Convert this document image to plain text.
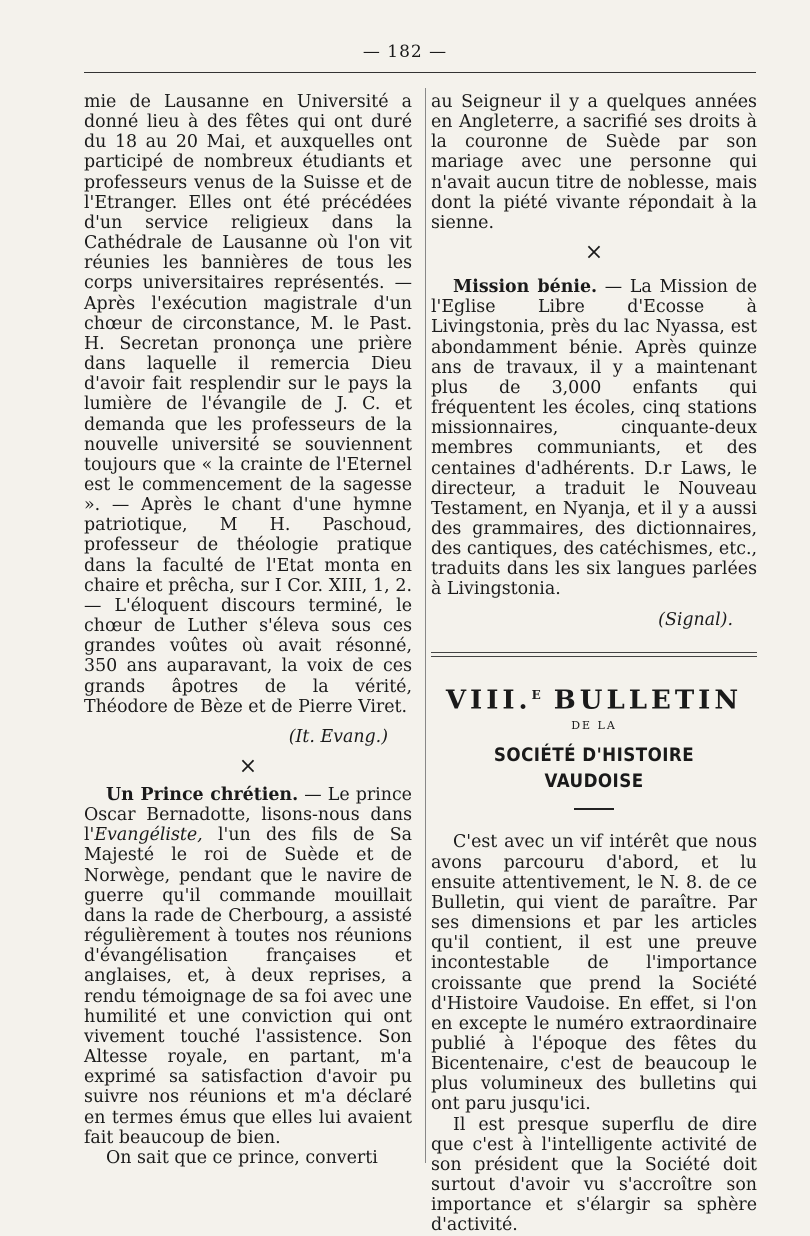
— 182 —

mie de Lausanne en Université a donné lieu à des fêtes qui ont duré du 18 au 20 Mai, et auxquelles ont participé de nombreux étudiants et professeurs venus de la Suisse et de l'Etranger. Elles ont été précédées d'un service religieux dans la Cathédrale de Lausanne où l'on vit réunies les bannières de tous les corps universitaires représentés. — Après l'exécution magistrale d'un chœur de circonstance, M. le Past. H. Secretan prononça une prière dans laquelle il remercia Dieu d'avoir fait resplendir sur le pays la lumière de l'évangile de J. C. et demanda que les professeurs de la nouvelle université se souviennent toujours que « la crainte de l'Eternel est le commencement de la sagesse ». — Après le chant d'une hymne patriotique, M H. Paschoud, professeur de théologie pratique dans la faculté de l'Etat monta en chaire et prêcha, sur I Cor. XIII, 1, 2. — L'éloquent discours terminé, le chœur de Luther s'éleva sous ces grandes voûtes où avait résonné, 350 ans auparavant, la voix de ces grands âpotres de la vérité, Théodore de Bèze et de Pierre Viret.

(It. Evang.)

×

Un Prince chrétien. — Le prince Oscar Bernadotte, lisons-nous dans l'Evangéliste, l'un des fils de Sa Majesté le roi de Suède et de Norwège, pendant que le navire de guerre qu'il commande mouillait dans la rade de Cherbourg, a assisté régulièrement à toutes nos réunions d'évangélisation françaises et anglaises, et, à deux reprises, a rendu témoignage de sa foi avec une humilité et une conviction qui ont vivement touché l'assistence. Son Altesse royale, en partant, m'a exprimé sa satisfaction d'avoir pu suivre nos réunions et m'a déclaré en termes émus que elles lui avaient fait beaucoup de bien.

On sait que ce prince, converti

au Seigneur il y a quelques années en Angleterre, a sacrifié ses droits à la couronne de Suède par son mariage avec une personne qui n'avait aucun titre de noblesse, mais dont la piété vivante répondait à la sienne.

×

Mission bénie. — La Mission de l'Eglise Libre d'Ecosse à Livingstonia, près du lac Nyassa, est abondamment bénie. Après quinze ans de travaux, il y a maintenant plus de 3,000 enfants qui fréquentent les écoles, cinq stations missionnaires, cinquante-deux membres communiants, et des centaines d'adhérents. D.r Laws, le directeur, a traduit le Nouveau Testament, en Nyanja, et il y a aussi des grammaires, des dictionnaires, des cantiques, des catéchismes, etc., traduits dans les six langues parlées à Livingstonia.

(Signal).

VIII.$^E$ BULLETIN
DE LA
SOCIÉTÉ D'HISTOIRE VAUDOISE

C'est avec un vif intérêt que nous avons parcouru d'abord, et lu ensuite attentivement, le N. 8. de ce Bulletin, qui vient de paraître. Par ses dimensions et par les articles qu'il contient, il est une preuve incontestable de l'importance croissante que prend la Société d'Histoire Vaudoise. En effet, si l'on en excepte le numéro extraordinaire publié à l'époque des fêtes du Bicentenaire, c'est de beaucoup le plus volumineux des bulletins qui ont paru jusqu'ici.

Il est presque superflu de dire que c'est à l'intelligente activité de son président que la Société doit surtout d'avoir vu s'accroître son importance et s'élargir sa sphère d'activité.
